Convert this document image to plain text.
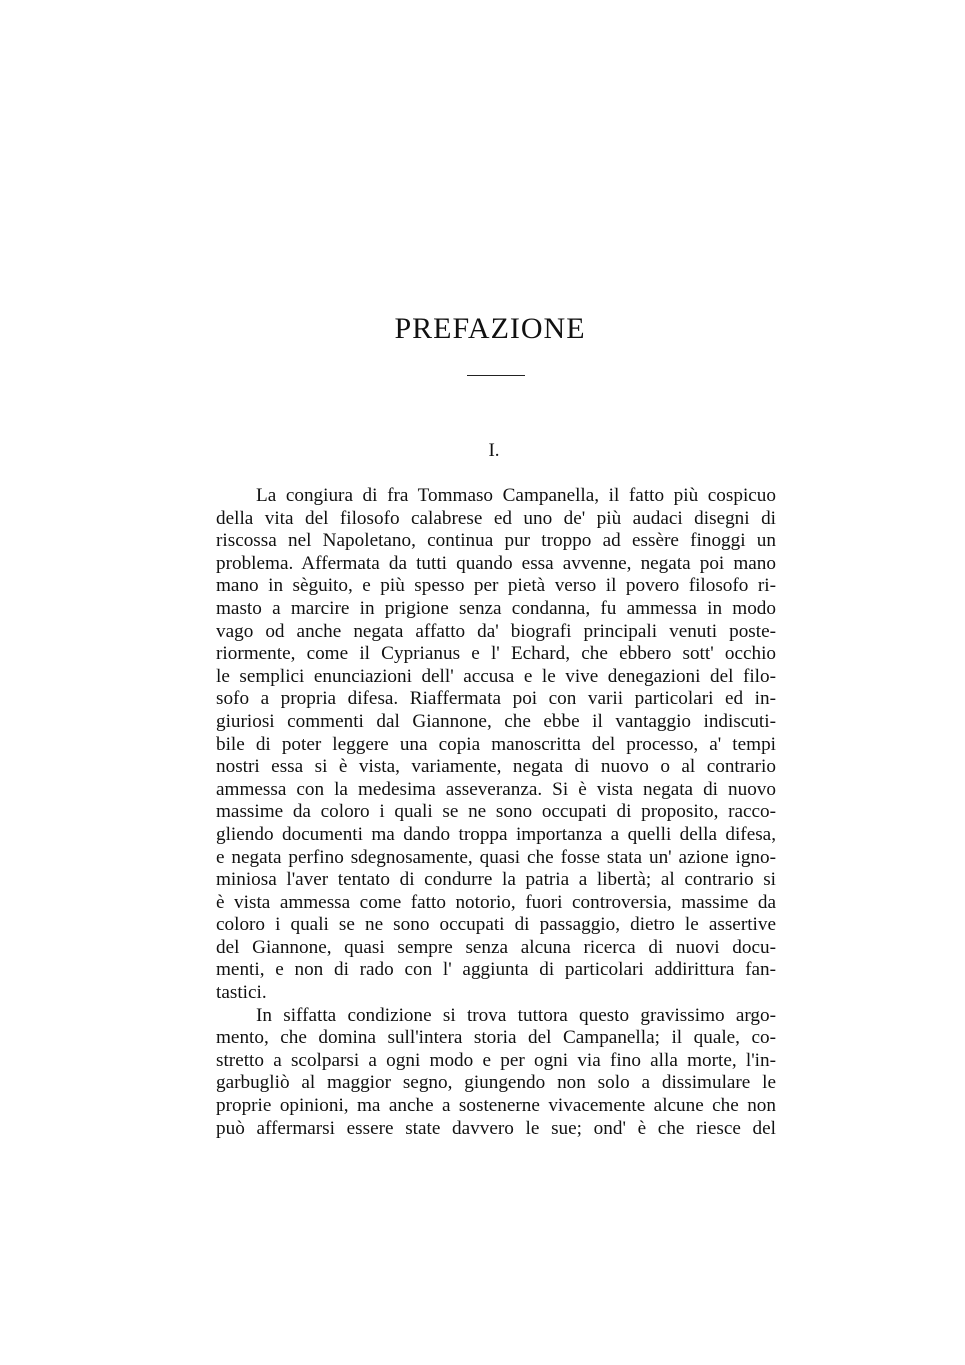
PREFAZIONE
I.
La congiura di fra Tommaso Campanella, il fatto più cospicuo
della vita del filosofo calabrese ed uno de' più audaci disegni di
riscossa nel Napoletano, continua pur troppo ad essère finoggi un
problema. Affermata da tutti quando essa avvenne, negata poi mano
mano in sèguito, e più spesso per pietà verso il povero filosofo ri-
masto a marcire in prigione senza condanna, fu ammessa in modo
vago od anche negata affatto da' biografi principali venuti poste-
riormente, come il Cyprianus e l' Echard, che ebbero sott' occhio
le semplici enunciazioni dell' accusa e le vive denegazioni del filo-
sofo a propria difesa. Riaffermata poi con varii particolari ed in-
giuriosi commenti dal Giannone, che ebbe il vantaggio indiscuti-
bile di poter leggere una copia manoscritta del processo, a' tempi
nostri essa si è vista, variamente, negata di nuovo o al contrario
ammessa con la medesima asseveranza. Si è vista negata di nuovo
massime da coloro i quali se ne sono occupati di proposito, racco-
gliendo documenti ma dando troppa importanza a quelli della difesa,
e negata perfino sdegnosamente, quasi che fosse stata un' azione igno-
miniosa l'aver tentato di condurre la patria a libertà; al contrario si
è vista ammessa come fatto notorio, fuori controversia, massime da
coloro i quali se ne sono occupati di passaggio, dietro le assertive
del Giannone, quasi sempre senza alcuna ricerca di nuovi docu-
menti, e non di rado con l' aggiunta di particolari addirittura fan-
tastici.
In siffatta condizione si trova tuttora questo gravissimo argo-
mento, che domina sull'intera storia del Campanella; il quale, co-
stretto a scolparsi a ogni modo e per ogni via fino alla morte, l'in-
garbugliò al maggior segno, giungendo non solo a dissimulare le
proprie opinioni, ma anche a sostenerne vivacemente alcune che non
può affermarsi essere state davvero le sue; ond' è che riesce del
